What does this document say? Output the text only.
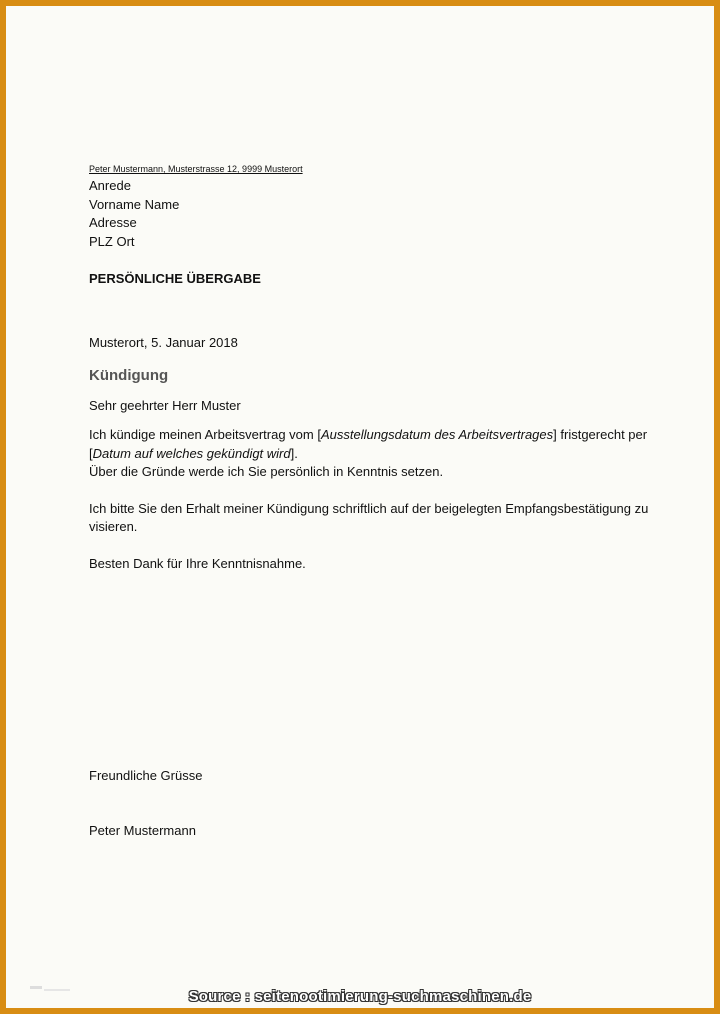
Peter Mustermann, Musterstrasse 12, 9999 Musterort

Anrede
Vorname Name
Adresse
PLZ Ort
PERSÖNLICHE ÜBERGABE
Musterort, 5. Januar 2018
Kündigung
Sehr geehrter Herr Muster
Ich kündige meinen Arbeitsvertrag vom [Ausstellungsdatum des Arbeitsvertrages] fristgerecht per [Datum auf welches gekündigt wird].
Über die Gründe werde ich Sie persönlich in Kenntnis setzen.
Ich bitte Sie den Erhalt meiner Kündigung schriftlich auf der beigelegten Empfangsbestätigung zu visieren.
Besten Dank für Ihre Kenntnisnahme.
Freundliche Grüsse
Peter Mustermann
Source : seitenootimierung-suchmaschinen.de
